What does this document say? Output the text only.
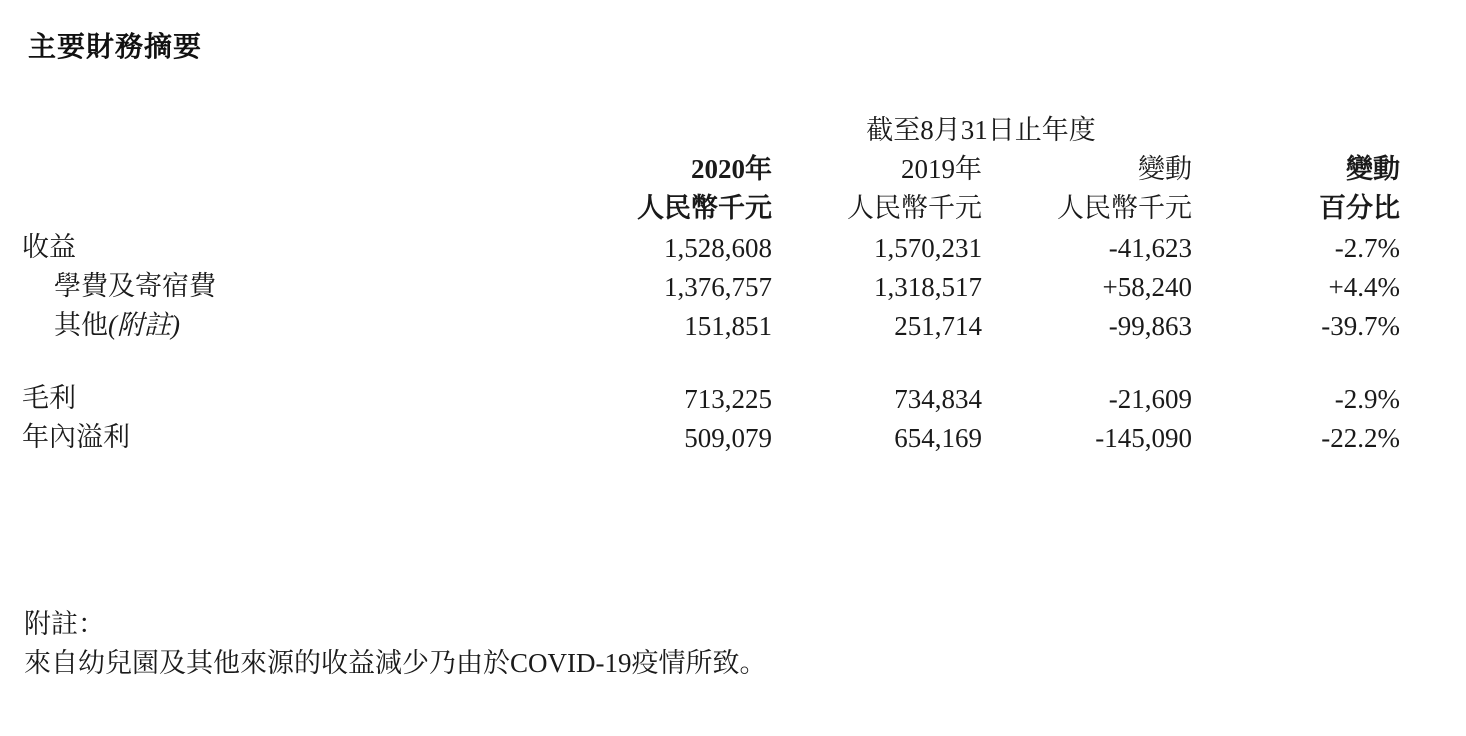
主要財務摘要
	截至8月31日止年度			
	2020年	2019年	變動	變動
	人民幣千元	人民幣千元	人民幣千元	百分比
收益	1,528,608	1,570,231	-41,623	-2.7%
學費及寄宿費	1,376,757	1,318,517	+58,240	+4.4%
其他(附註)	151,851	251,714	-99,863	-39.7%

毛利	713,225	734,834	-21,609	-2.9%
年內溢利	509,079	654,169	-145,090	-22.2%
附註：
來自幼兒園及其他來源的收益減少乃由於COVID-19疫情所致。
